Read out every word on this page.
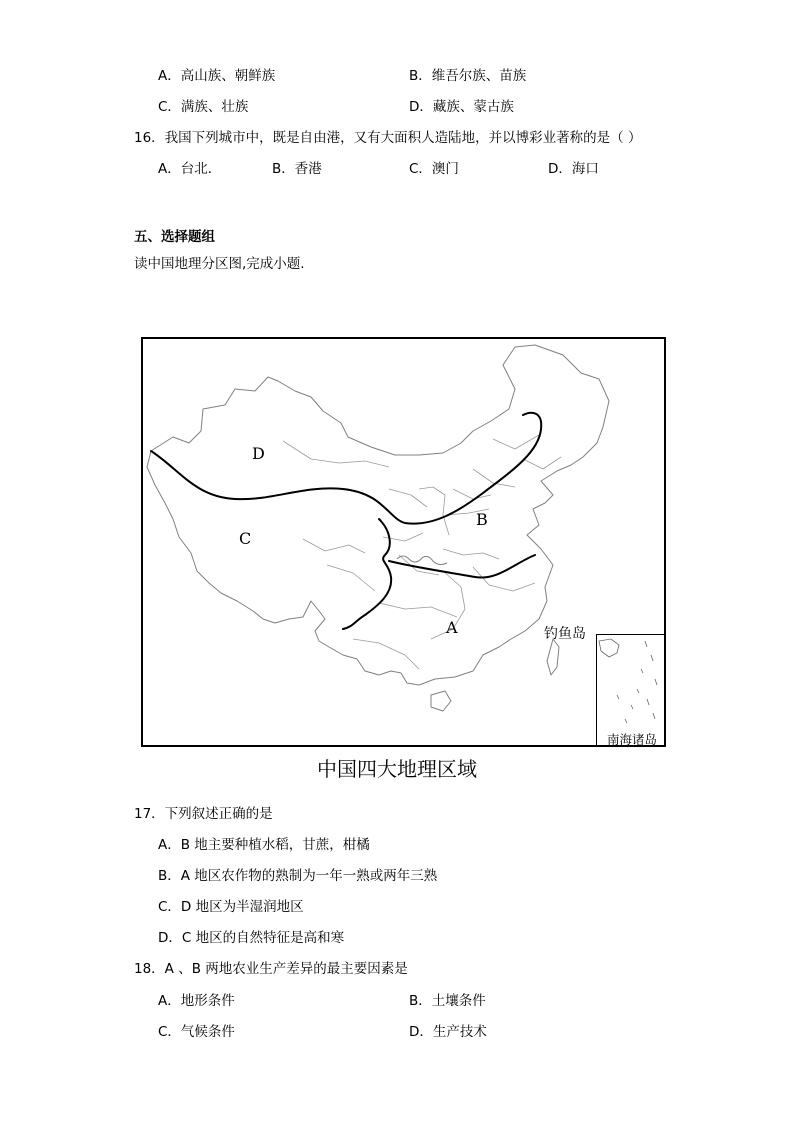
A．高山族、朝鲜族	B．维吾尔族、苗族
C．满族、壮族	D．藏族、蒙古族
16．我国下列城市中，既是自由港，又有大面积人造陆地，并以博彩业著称的是（ ）
A．台北．	B．香港	C．澳门	D．海口
五、选择题组
读中国地理分区图,完成小题.
D
C
B
A	钓鱼岛
南海诸岛
中国四大地理区域
17．下列叙述正确的是
A．B 地主要种植水稻，甘蔗，柑橘
B．A 地区农作物的熟制为一年一熟或两年三熟
C．D 地区为半湿润地区
D．C 地区的自然特征是高和寒
18．A 、B 两地农业生产差异的最主要因素是
A．地形条件	B．土壤条件
C．气候条件	D．生产技术
